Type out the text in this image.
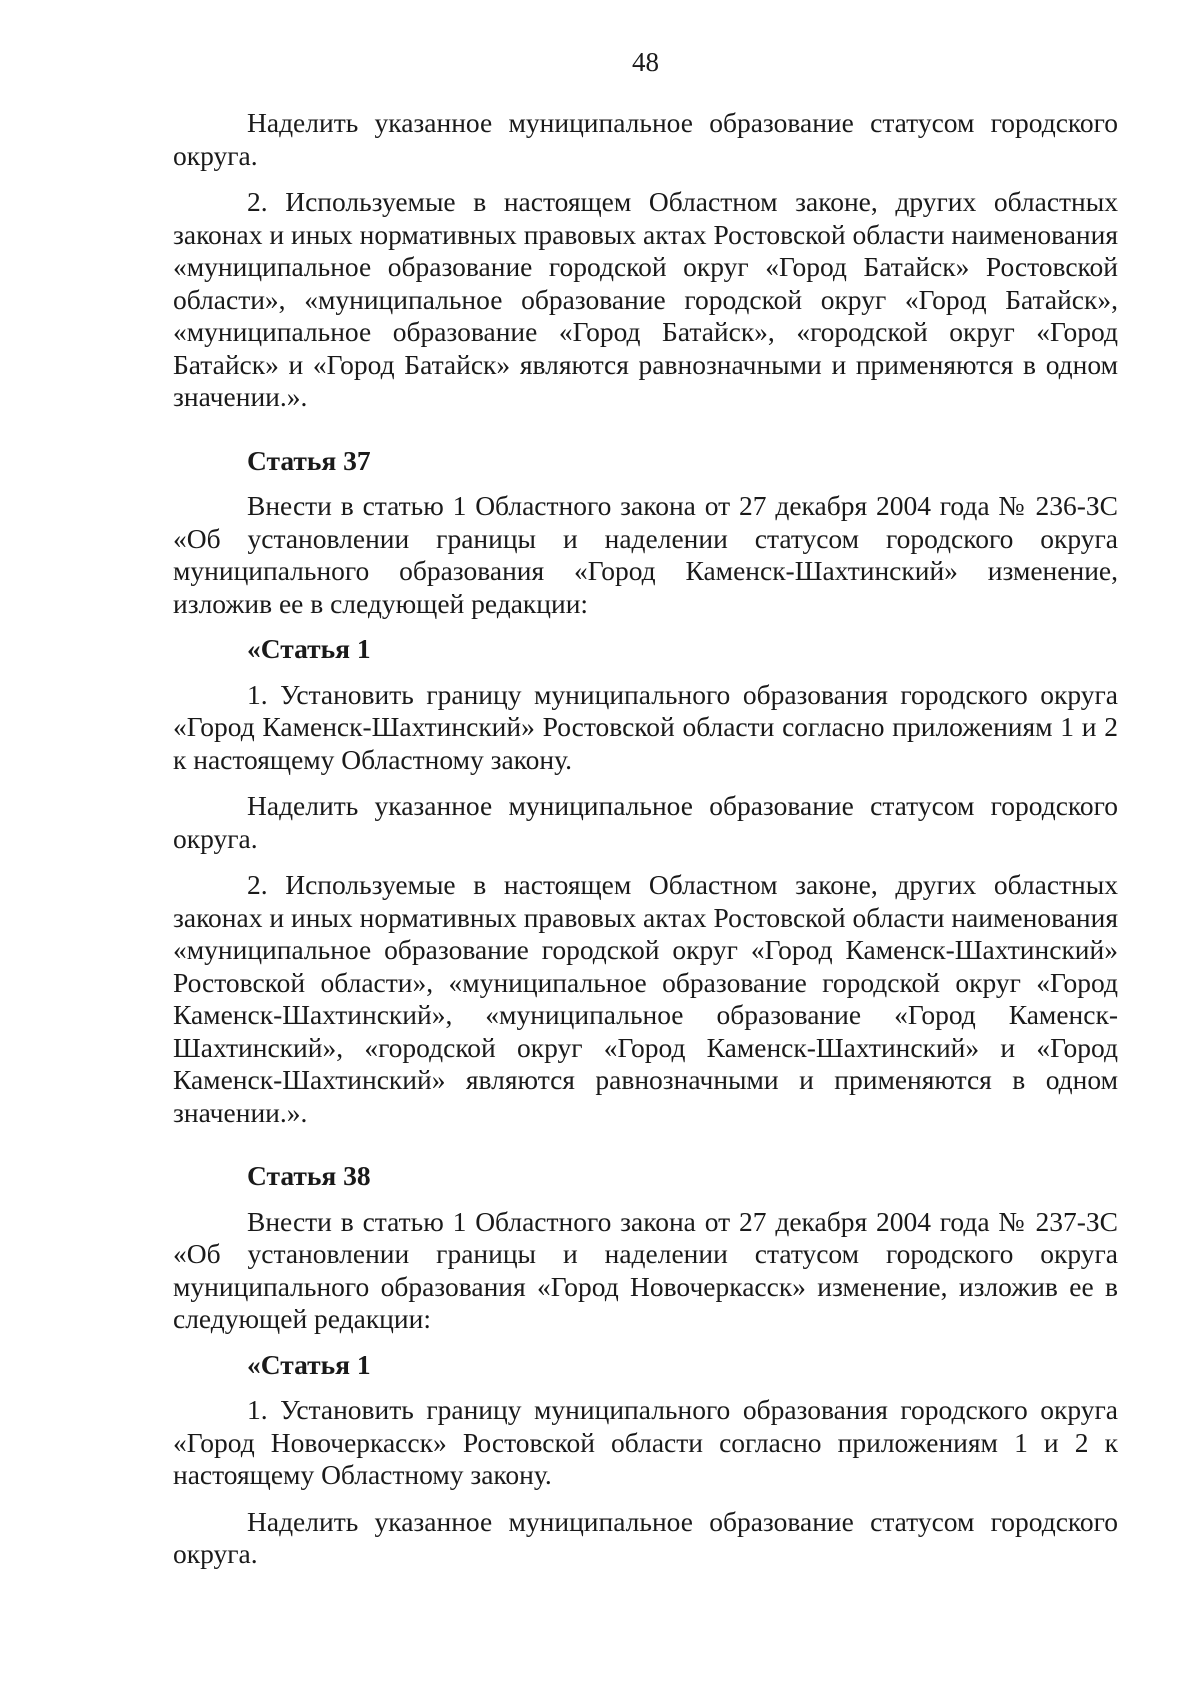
48

Наделить указанное муниципальное образование статусом городского округа.

2. Используемые в настоящем Областном законе, других областных законах и иных нормативных правовых актах Ростовской области наименования «муниципальное образование городской округ «Город Батайск» Ростовской области», «муниципальное образование городской округ «Город Батайск», «муниципальное образование «Город Батайск», «городской округ «Город Батайск» и «Город Батайск» являются равнозначными и применяются в одном значении.».

Статья 37

Внести в статью 1 Областного закона от 27 декабря 2004 года № 236-ЗС «Об установлении границы и наделении статусом городского округа муниципального образования «Город Каменск-Шахтинский» изменение, изложив ее в следующей редакции:

«Статья 1

1. Установить границу муниципального образования городского округа «Город Каменск-Шахтинский» Ростовской области согласно приложениям 1 и 2 к настоящему Областному закону.

Наделить указанное муниципальное образование статусом городского округа.

2. Используемые в настоящем Областном законе, других областных законах и иных нормативных правовых актах Ростовской области наименования «муниципальное образование городской округ «Город Каменск-Шахтинский» Ростовской области», «муниципальное образование городской округ «Город Каменск-Шахтинский», «муниципальное образование «Город Каменск-Шахтинский», «городской округ «Город Каменск-Шахтинский» и «Город Каменск-Шахтинский» являются равнозначными и применяются в одном значении.».

Статья 38

Внести в статью 1 Областного закона от 27 декабря 2004 года № 237-ЗС «Об установлении границы и наделении статусом городского округа муниципального образования «Город Новочеркасск» изменение, изложив ее в следующей редакции:

«Статья 1

1. Установить границу муниципального образования городского округа «Город Новочеркасск» Ростовской области согласно приложениям 1 и 2 к настоящему Областному закону.

Наделить указанное муниципальное образование статусом городского округа.
